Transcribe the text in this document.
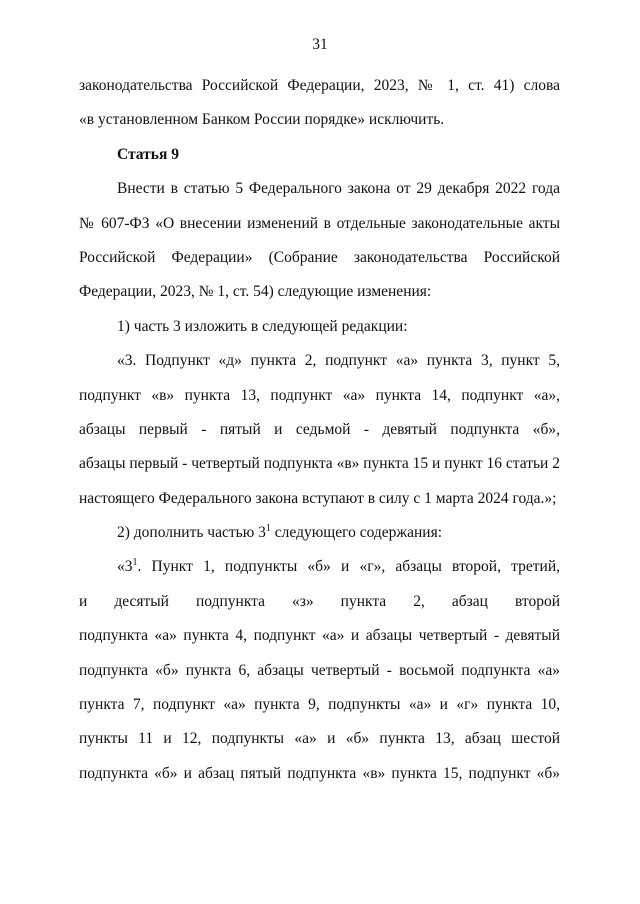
31
законодательства Российской Федерации, 2023, № 1, ст. 41) слова
«в установленном Банком России порядке» исключить.
Статья 9
Внести в статью 5 Федерального закона от 29 декабря 2022 года
№ 607-ФЗ «О внесении изменений в отдельные законодательные акты
Российской Федерации» (Собрание законодательства Российской
Федерации, 2023, № 1, ст. 54) следующие изменения:
1) часть 3 изложить в следующей редакции:
«3. Подпункт «д» пункта 2, подпункт «а» пункта 3, пункт 5,
подпункт «в» пункта 13, подпункт «а» пункта 14, подпункт «а»,
абзацы первый - пятый и седьмой - девятый подпункта «б»,
абзацы первый - четвертый подпункта «в» пункта 15 и пункт 16 статьи 2
настоящего Федерального закона вступают в силу с 1 марта 2024 года.»;
2) дополнить частью $3^1$ следующего содержания:
«$3^1$. Пункт 1, подпункты «б» и «г», абзацы второй, третий,
и десятый подпункта «з» пункта 2, абзац второй
подпункта «а» пункта 4, подпункт «а» и абзацы четвертый - девятый
подпункта «б» пункта 6, абзацы четвертый - восьмой подпункта «а»
пункта 7, подпункт «а» пункта 9, подпункты «а» и «г» пункта 10,
пункты 11 и 12, подпункты «а» и «б» пункта 13, абзац шестой
подпункта «б» и абзац пятый подпункта «в» пункта 15, подпункт «б»
